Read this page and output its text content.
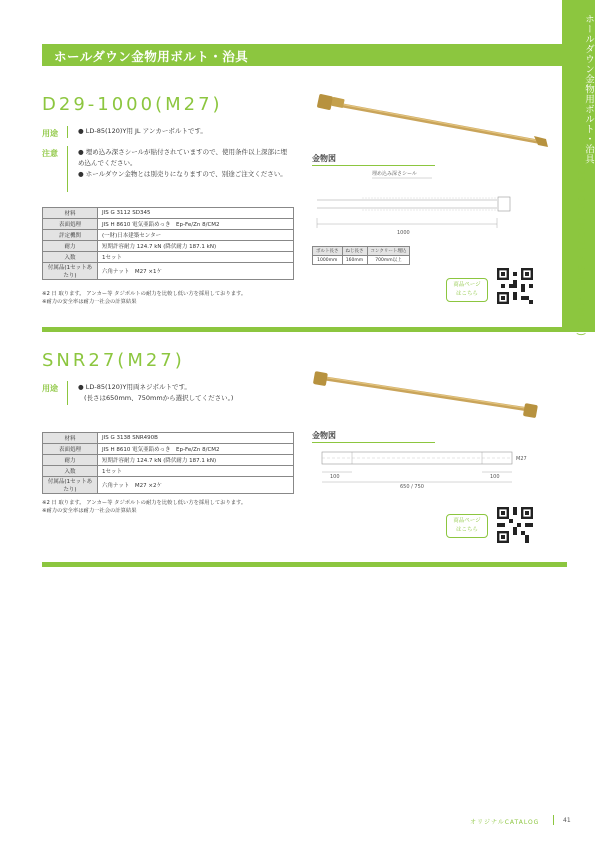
ホールダウン金物用ボルト・治具
D29-1000(M27) / SNR27(M27)
ホールダウン金物用ボルト・治具
D29-1000(M27)
用途	● LD-85(120)Y用 JL アンカーボルトです。
注意	● 埋め込み深さシールが貼付されていますので、使用条件以上深部に埋め込んでください。
● ホールダウン金物とは別売りになりますので、別途ご注文ください。
材料	JIS G 3112 SD345
表面処理	JIS H 8610 電気亜鉛めっき　Ep-Fe/Zn 8/CM2
評定機関	(一財)日本建築センター
耐力	短期許容耐力 124.7 kN (降伏耐力 187.1 kN)
入数	1セット
付属品(1セットあたり)	六角ナット　M27 ×1ケ
※2 ⽇ 取ります。 アンカー等 タジボルトの耐力を比較し低い方を採用しております。
※耐力の安全率は耐力一社会の計算結果
金物図
埋め込み深さシール
1000
ボルト長さ	ねじ長さ	コンクリート埋込
1000mm	160mm	700mm以上
商品ページ
はこちら
SNR27(M27)
用途	● LD-85(120)Y用両ネジボルトです。
(長さは650mm、750mmから選択してください。)
材料	JIS G 3138 SNR490B
表面処理	JIS H 8610 電気亜鉛めっき　Ep-Fe/Zn 8/CM2
耐力	短期許容耐力 124.7 kN (降伏耐力 187.1 kN)
入数	1セット
付属品(1セットあたり)	六角ナット　M27 ×2ケ
※2 ⽇ 取ります。 アンカー等 タジボルトの耐力を比較し低い方を採用しております。
※耐力の安全率は耐力一社会の計算結果
金物図
M27
100
650 / 750
100
商品ページ
はこちら
オリジナルCATALOG	41
